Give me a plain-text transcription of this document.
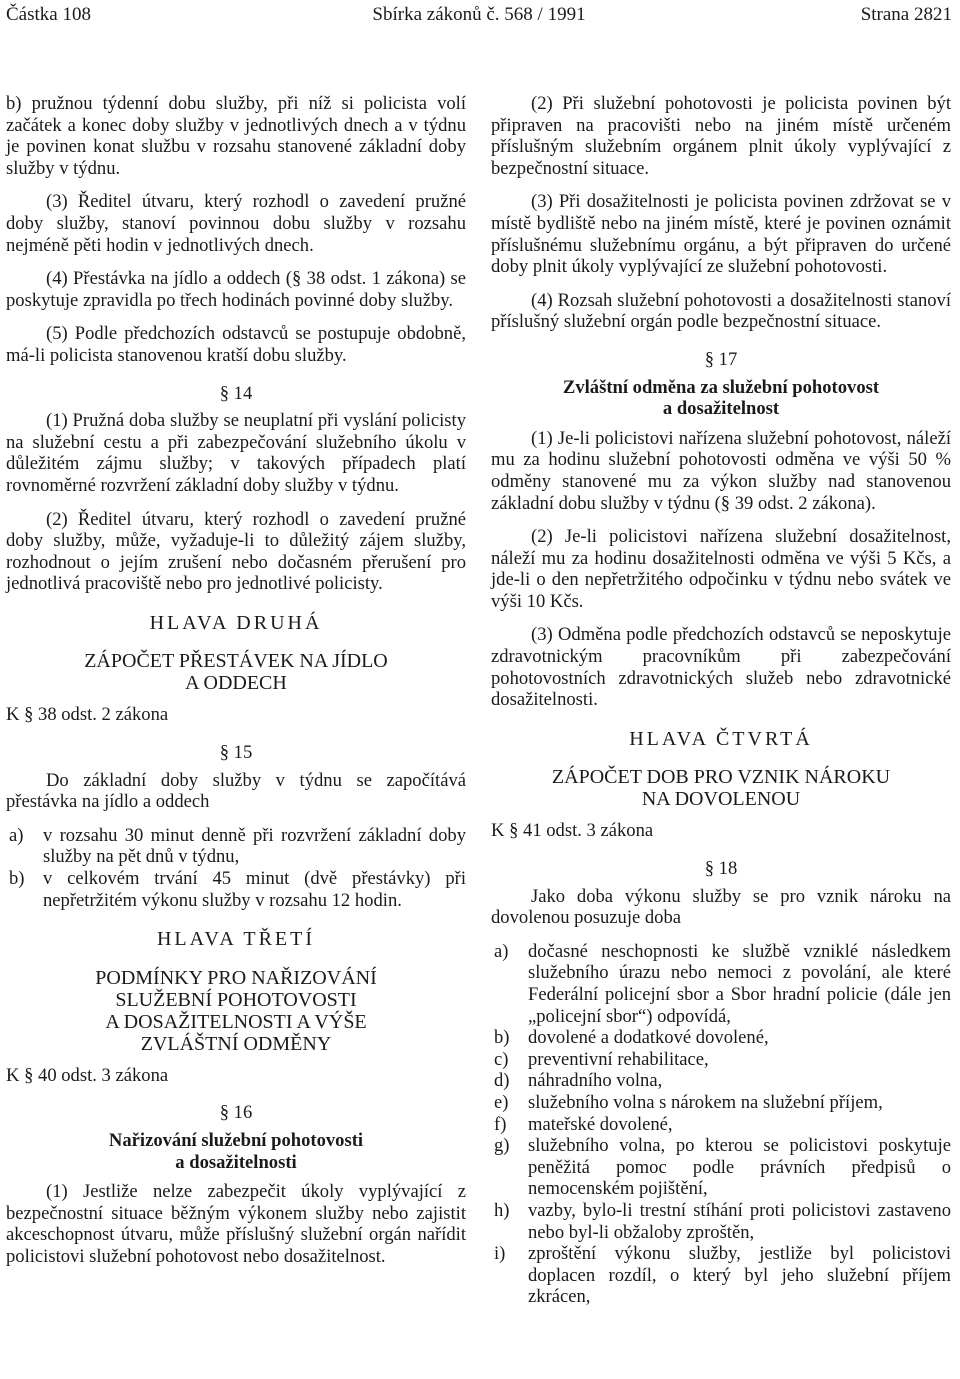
Částka 108	Sbírka zákonů č. 568 / 1991	Strana 2821

b) pružnou týdenní dobu služby, při níž si policista volí začátek a konec doby služby v jednotlivých dnech a v týdnu je povinen konat službu v rozsahu stanovené základní doby služby v týdnu.

(3) Ředitel útvaru, který rozhodl o zavedení pružné doby služby, stanoví povinnou dobu služby v rozsahu nejméně pěti hodin v jednotlivých dnech.

(4) Přestávka na jídlo a oddech (§ 38 odst. 1 zákona) se poskytuje zpravidla po třech hodinách povinné doby služby.

(5) Podle předchozích odstavců se postupuje obdobně, má-li policista stanovenou kratší dobu služby.

§ 14

(1) Pružná doba služby se neuplatní při vyslání policisty na služební cestu a při zabezpečování služebního úkolu v důležitém zájmu služby; v takových případech platí rovnoměrné rozvržení základní doby služby v týdnu.

(2) Ředitel útvaru, který rozhodl o zavedení pružné doby služby, může, vyžaduje-li to důležitý zájem služby, rozhodnout o jejím zrušení nebo dočasném přerušení pro jednotlivá pracoviště nebo pro jednotlivé policisty.

HLAVA DRUHÁ
ZÁPOČET PŘESTÁVEK NA JÍDLO
A ODDECH
K § 38 odst. 2 zákona
§ 15

Do základní doby služby v týdnu se započítává přestávka na jídlo a oddech

a) v rozsahu 30 minut denně při rozvržení základní doby služby na pět dnů v týdnu,
b) v celkovém trvání 45 minut (dvě přestávky) při nepřetržitém výkonu služby v rozsahu 12 hodin.
HLAVA TŘETÍ
PODMÍNKY PRO NAŘIZOVÁNÍ
SLUŽEBNÍ POHOTOVOSTI
A DOSAŽITELNOSTI A VÝŠE
ZVLÁŠTNÍ ODMĚNY
K § 40 odst. 3 zákona
§ 16
Nařizování služební pohotovosti
a dosažitelnosti

(1) Jestliže nelze zabezpečit úkoly vyplývající z bezpečnostní situace běžným výkonem služby nebo zajistit akceschopnost útvaru, může příslušný služební orgán nařídit policistovi služební pohotovost nebo dosažitelnost.

(2) Při služební pohotovosti je policista povinen být připraven na pracovišti nebo na jiném místě určeném příslušným služebním orgánem plnit úkoly vyplývající z bezpečnostní situace.

(3) Při dosažitelnosti je policista povinen zdržovat se v místě bydliště nebo na jiném místě, které je povinen oznámit příslušnému služebnímu orgánu, a být připraven do určené doby plnit úkoly vyplývající ze služební pohotovosti.

(4) Rozsah služební pohotovosti a dosažitelnosti stanoví příslušný služební orgán podle bezpečnostní situace.

§ 17
Zvláštní odměna za služební pohotovost
a dosažitelnost

(1) Je-li policistovi nařízena služební pohotovost, náleží mu za hodinu služební pohotovosti odměna ve výši 50 % odměny stanovené mu za výkon služby nad stanovenou základní dobu služby v týdnu (§ 39 odst. 2 zákona).

(2) Je-li policistovi nařízena služební dosažitelnost, náleží mu za hodinu dosažitelnosti odměna ve výši 5 Kčs, a jde-li o den nepřetržitého odpočinku v týdnu nebo svátek ve výši 10 Kčs.

(3) Odměna podle předchozích odstavců se neposkytuje zdravotnickým pracovníkům při zabezpečování pohotovostních zdravotnických služeb nebo zdravotnické dosažitelnosti.

HLAVA ČTVRTÁ
ZÁPOČET DOB PRO VZNIK NÁROKU
NA DOVOLENOU
K § 41 odst. 3 zákona
§ 18

Jako doba výkonu služby se pro vznik nároku na dovolenou posuzuje doba

a) dočasné neschopnosti ke službě vzniklé následkem služebního úrazu nebo nemoci z povolání, ale které Federální policejní sbor a Sbor hradní policie (dále jen „policejní sbor“) odpovídá,
b) dovolené a dodatkové dovolené,
c) preventivní rehabilitace,
d) náhradního volna,
e) služebního volna s nárokem na služební příjem,
f) mateřské dovolené,
g) služebního volna, po kterou se policistovi poskytuje peněžitá pomoc podle právních předpisů o nemocenském pojištění,
h) vazby, bylo-li trestní stíhání proti policistovi zastaveno nebo byl-li obžaloby zproštěn,
i) zproštění výkonu služby, jestliže byl policistovi doplacen rozdíl, o který byl jeho služební příjem zkrácen,
